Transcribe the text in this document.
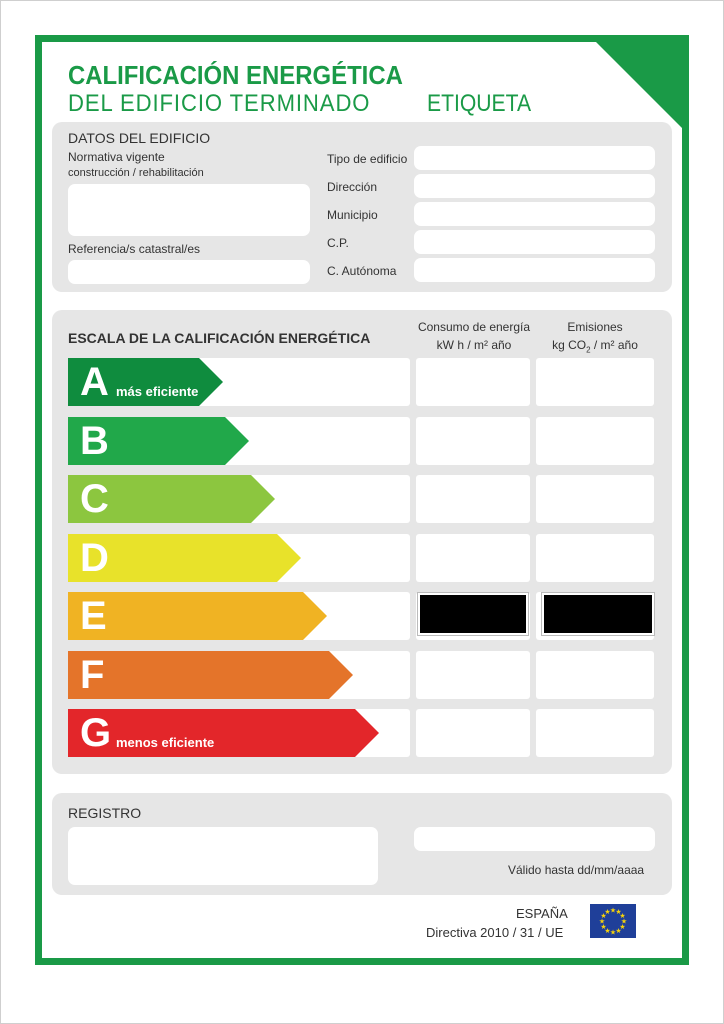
CALIFICACIÓN ENERGÉTICA
DEL EDIFICIO TERMINADO ETIQUETA
DATOS DEL EDIFICIO
Normativa vigente
construcción / rehabilitación
Referencia/s catastral/es
Tipo de edificio
Dirección
Municipio
C.P.
C. Autónoma
ESCALA DE LA CALIFICACIÓN ENERGÉTICA
Consumo de energía
kW h / m² año
Emisiones
kg $CO_2 / m^2$ año
A más eficiente
B
C
D
E
F
G menos eficiente
REGISTRO
Válido hasta dd/mm/aaaa
ESPAÑA
Directiva 2010 / 31 / UE
★ ★
★
★
★
★
★
★
★
★
★
★
